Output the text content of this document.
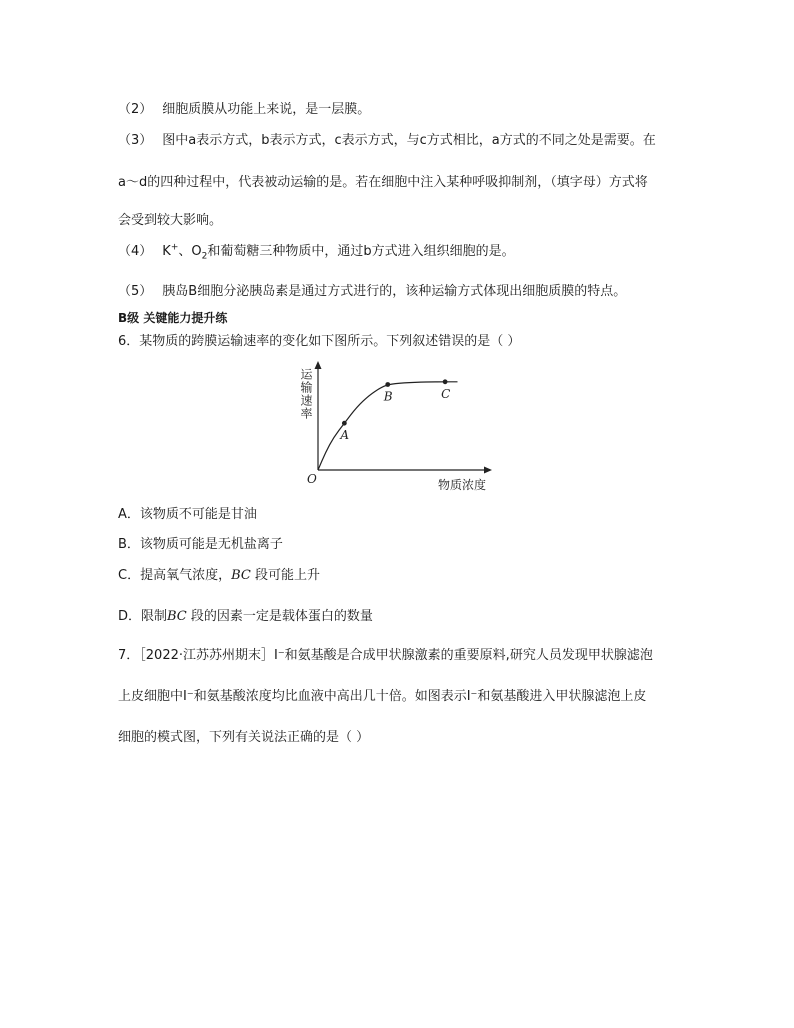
（2） 细胞质膜从功能上来说，是一层膜。
（3） 图中a表示方式，b表示方式，c表示方式，与c方式相比，a方式的不同之处是需要。在
a～d的四种过程中，代表被动运输的是。若在细胞中注入某种呼吸抑制剂，（填字母）方式将
会受到较大影响。
（4） K+、$O_2$和葡萄糖三种物质中，通过b方式进入组织细胞的是。
（5） 胰岛B细胞分泌胰岛素是通过方式进行的，该种运输方式体现出细胞质膜的特点。
B级 关键能力提升练
6．某物质的跨膜运输速率的变化如下图所示。下列叙述错误的是（ ）
运输速率
物质浓度
O
A
B	C
A．该物质不可能是甘油
B．该物质可能是无机盐离子
C．提高氧气浓度，BC 段可能上升
D．限制BC 段的因素一定是载体蛋白的数量
7．［2022·江苏苏州期末］I⁻和氨基酸是合成甲状腺激素的重要原料,研究人员发现甲状腺滤泡
上皮细胞中I⁻和氨基酸浓度均比血液中高出几十倍。如图表示I⁻和氨基酸进入甲状腺滤泡上皮
细胞的模式图，下列有关说法正确的是（ ）
